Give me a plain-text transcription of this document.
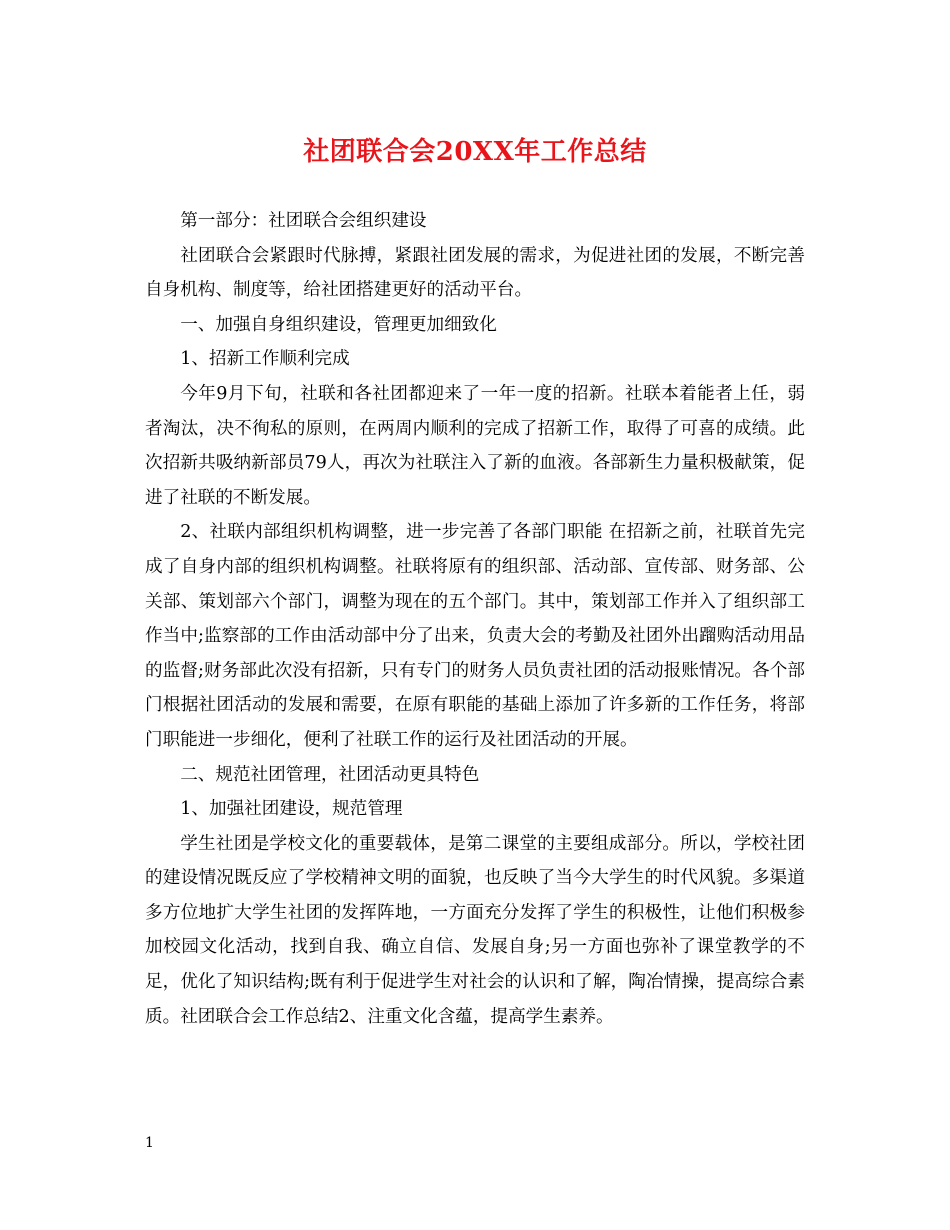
社团联合会20XX年工作总结

第一部分：社团联合会组织建设

社团联合会紧跟时代脉搏，紧跟社团发展的需求，为促进社团的发展，不断完善自身机构、制度等，给社团搭建更好的活动平台。

一、加强自身组织建设，管理更加细致化

1、招新工作顺利完成

今年9月下旬，社联和各社团都迎来了一年一度的招新。社联本着能者上任，弱者淘汰，决不徇私的原则，在两周内顺利的完成了招新工作，取得了可喜的成绩。此次招新共吸纳新部员79人，再次为社联注入了新的血液。各部新生力量积极献策，促进了社联的不断发展。

2、社联内部组织机构调整，进一步完善了各部门职能 在招新之前，社联首先完成了自身内部的组织机构调整。社联将原有的组织部、活动部、宣传部、财务部、公关部、策划部六个部门，调整为现在的五个部门。其中，策划部工作并入了组织部工作当中;监察部的工作由活动部中分了出来，负责大会的考勤及社团外出蹓购活动用品的监督;财务部此次没有招新，只有专门的财务人员负责社团的活动报账情况。各个部门根据社团活动的发展和需要，在原有职能的基础上添加了许多新的工作任务，将部门职能进一步细化，便利了社联工作的运行及社团活动的开展。

二、规范社团管理，社团活动更具特色

1、加强社团建设，规范管理

学生社团是学校文化的重要载体，是第二课堂的主要组成部分。所以，学校社团的建设情况既反应了学校精神文明的面貌，也反映了当今大学生的时代风貌。多渠道多方位地扩大学生社团的发挥阵地，一方面充分发挥了学生的积极性，让他们积极参加校园文化活动，找到自我、确立自信、发展自身;另一方面也弥补了课堂教学的不足，优化了知识结构;既有利于促进学生对社会的认识和了解，陶冶情操，提高综合素质。社团联合会工作总结2、注重文化含蕴，提高学生素养。

1
